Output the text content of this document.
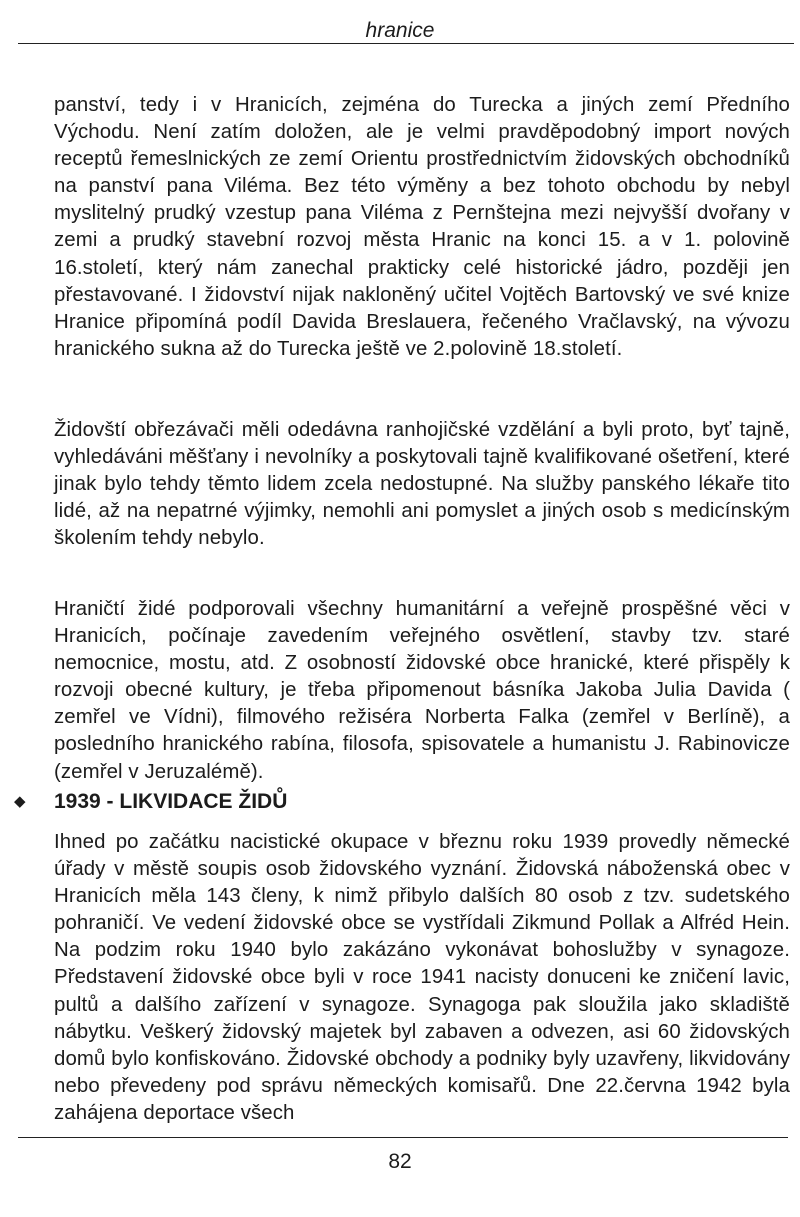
hranice

panství, tedy i v Hranicích, zejména do Turecka a jiných zemí Předního Východu. Není zatím doložen, ale je velmi pravděpodobný import nových receptů řemeslnických ze zemí Orientu prostřednictvím židovských obchodníků na panství pana Viléma. Bez této výměny a bez tohoto obchodu by nebyl myslitelný prudký vzestup pana Viléma z Pernštejna mezi nejvyšší dvořany v zemi a prudký stavební rozvoj města Hranic na konci 15. a v 1. polovině 16.století, který nám zanechal prakticky celé historické jádro, později jen přestavované. I židovství nijak nakloněný učitel Vojtěch Bartovský ve své knize Hranice připomíná podíl Davida Breslauera, řečeného Vračlavský, na vývozu hranického sukna až do Turecka ještě ve 2.polovině 18.století.

Židovští obřezávači měli odedávna ranhojičské vzdělání a byli proto, byť tajně, vyhledáváni měšťany i nevolníky a poskytovali tajně kvalifikované ošetření, které jinak bylo tehdy těmto lidem zcela nedostupné. Na služby panského lékaře tito lidé, až na nepatrné výjimky, nemohli ani pomyslet a jiných osob s medicínským školením tehdy nebylo.

Hraničtí židé podporovali všechny humanitární a veřejně prospěšné věci v Hranicích, počínaje zavedením veřejného osvětlení, stavby tzv. staré nemocnice, mostu, atd. Z osobností židovské obce hranické, které přispěly k rozvoji obecné kultury, je třeba připomenout básníka Jakoba Julia Davida ( zemřel ve Vídni), filmového režiséra Norberta Falka (zemřel v Berlíně), a posledního hranického rabína, filosofa, spisovatele a humanistu J. Rabinovicze (zemřel v Jeruzalémě).

◆ 1939 - LIKVIDACE ŽIDŮ

Ihned po začátku nacistické okupace v březnu roku 1939 provedly německé úřady v městě soupis osob židovského vyznání. Židovská náboženská obec v Hranicích měla 143 členy, k nimž přibylo dalších 80 osob z tzv. sudetského pohraničí. Ve vedení židovské obce se vystřídali Zikmund Pollak a Alfréd Hein. Na podzim roku 1940 bylo zakázáno vykonávat bohoslužby v synagoze. Představení židovské obce byli v roce 1941 nacisty donuceni ke zničení lavic, pultů a dalšího zařízení v synagoze. Synagoga pak sloužila jako skladiště nábytku. Veškerý židovský majetek byl zabaven a odvezen, asi 60 židovských domů bylo konfiskováno. Židovské obchody a podniky byly uzavřeny, likvidovány nebo převedeny pod správu německých komisařů. Dne 22.června 1942 byla zahájena deportace všech

82
